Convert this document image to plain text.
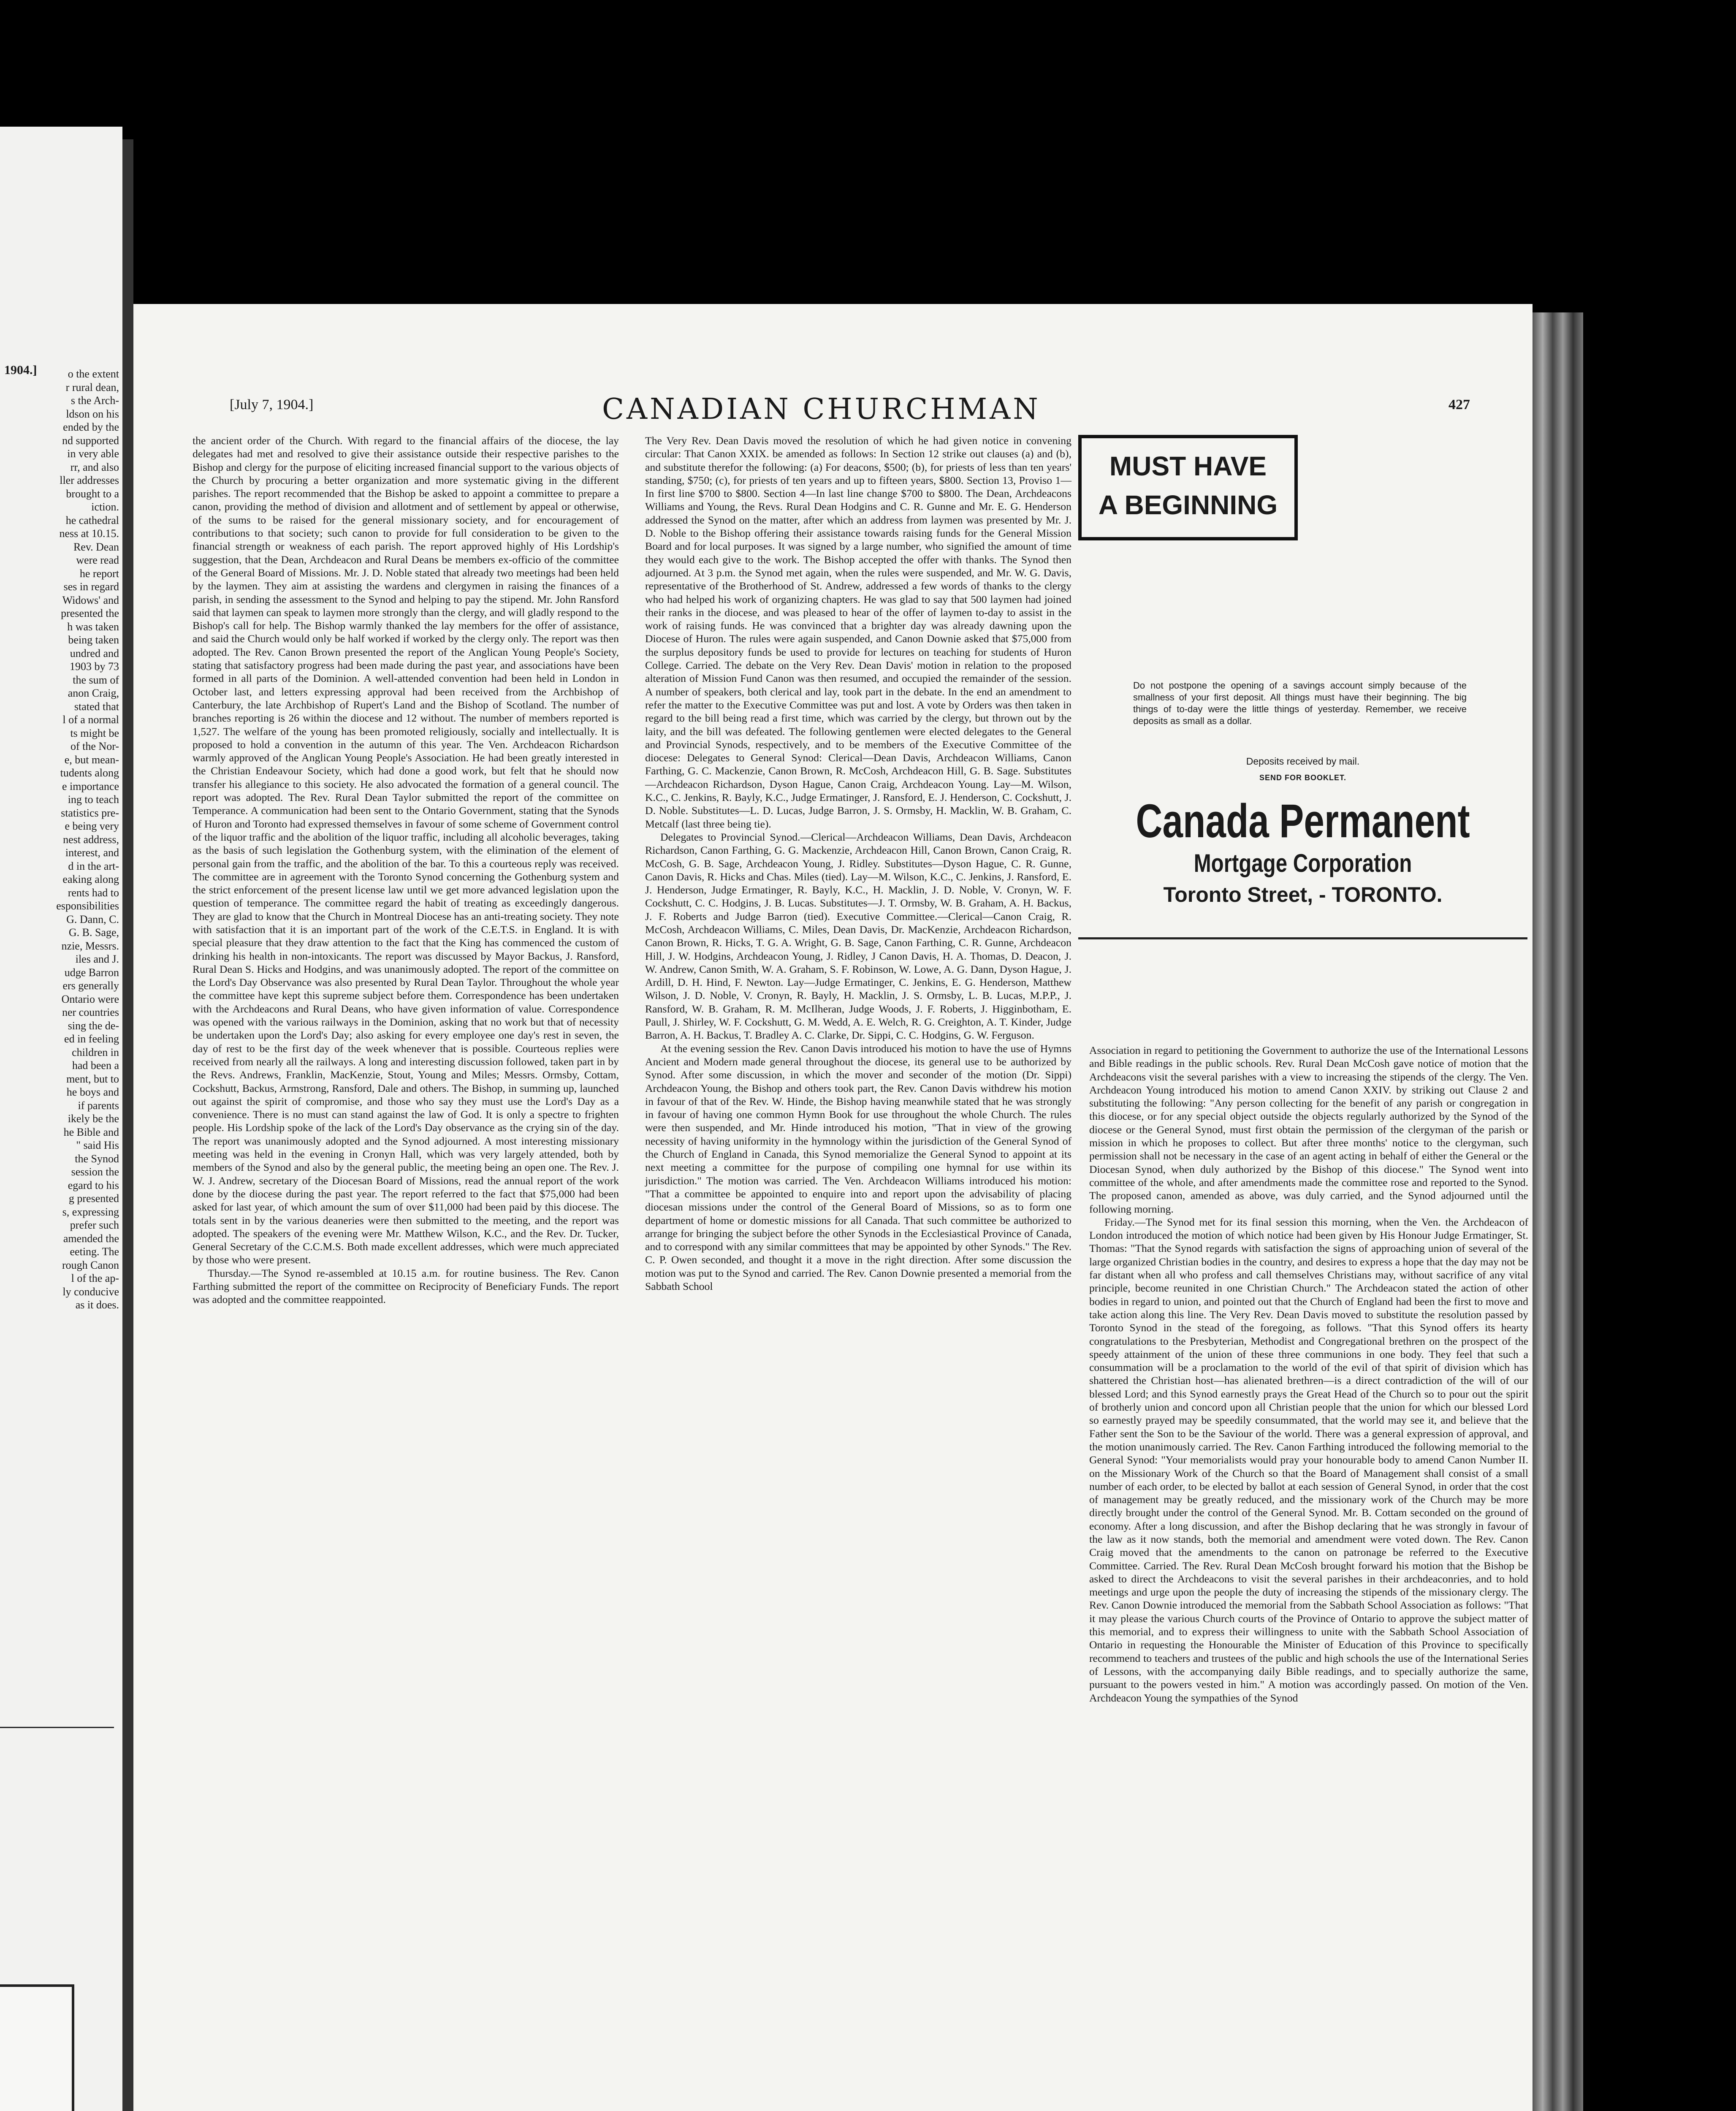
1904.]	o the extent
r rural dean,
s the Arch-
ldson on his
ended by the
nd supported
in very able
rr, and also
ller addresses
brought to a
iction.
he cathedral
ness at 10.15.
Rev. Dean
were read
he report
ses in regard
Widows' and
presented the
h was taken
being taken
undred and
1903 by 73
the sum of
anon Craig,
stated that
l of a normal
ts might be
of the Nor-
e, but mean-
tudents along
e importance
ing to teach
statistics pre-
e being very
nest address,
interest, and
d in the art-
eaking along
rents had to
esponsibilities
G. Dann, C.
G. B. Sage,
nzie, Messrs.
iles and J.
udge Barron
ers generally
Ontario were
ner countries
sing the de-
ed in feeling
children in
had been a
ment, but to
he boys and
if parents
ikely be the
he Bible and
" said His
the Synod
session the
egard to his
g presented
s, expressing
prefer such
amended the
eeting. The
rough Canon
l of the ap-
ly conducive
as it does.
[July 7, 1904.]	CANADIAN CHURCHMAN	427

the ancient order of the Church. With regard to the financial affairs of the diocese, the lay delegates had met and resolved to give their assistance outside their respective parishes to the Bishop and clergy for the purpose of eliciting increased financial support to the various objects of the Church by procuring a better organization and more systematic giving in the different parishes. The report recommended that the Bishop be asked to appoint a committee to prepare a canon, providing the method of division and allotment and of settlement by appeal or otherwise, of the sums to be raised for the general missionary society, and for encouragement of contributions to that society; such canon to provide for full consideration to be given to the financial strength or weakness of each parish. The report approved highly of His Lordship's suggestion, that the Dean, Archdeacon and Rural Deans be members ex-officio of the committee of the General Board of Missions. Mr. J. D. Noble stated that already two meetings had been held by the laymen. They aim at assisting the wardens and clergymen in raising the finances of a parish, in sending the assessment to the Synod and helping to pay the stipend. Mr. John Ransford said that laymen can speak to laymen more strongly than the clergy, and will gladly respond to the Bishop's call for help. The Bishop warmly thanked the lay members for the offer of assistance, and said the Church would only be half worked if worked by the clergy only. The report was then adopted. The Rev. Canon Brown presented the report of the Anglican Young People's Society, stating that satisfactory progress had been made during the past year, and associations have been formed in all parts of the Dominion. A well-attended convention had been held in London in October last, and letters expressing approval had been received from the Archbishop of Canterbury, the late Archbishop of Rupert's Land and the Bishop of Scotland. The number of branches reporting is 26 within the diocese and 12 without. The number of members reported is 1,527. The welfare of the young has been promoted religiously, socially and intellectually. It is proposed to hold a convention in the autumn of this year. The Ven. Archdeacon Richardson warmly approved of the Anglican Young People's Association. He had been greatly interested in the Christian Endeavour Society, which had done a good work, but felt that he should now transfer his allegiance to this society. He also advocated the formation of a general council. The report was adopted. The Rev. Rural Dean Taylor submitted the report of the committee on Temperance. A communication had been sent to the Ontario Government, stating that the Synods of Huron and Toronto had expressed themselves in favour of some scheme of Government control of the liquor traffic and the abolition of the liquor traffic, including all alcoholic beverages, taking as the basis of such legislation the Gothenburg system, with the elimination of the element of personal gain from the traffic, and the abolition of the bar. To this a courteous reply was received. The committee are in agreement with the Toronto Synod concerning the Gothenburg system and the strict enforcement of the present license law until we get more advanced legislation upon the question of temperance. The committee regard the habit of treating as exceedingly dangerous. They are glad to know that the Church in Montreal Diocese has an anti-treating society. They note with satisfaction that it is an important part of the work of the C.E.T.S. in England. It is with special pleasure that they draw attention to the fact that the King has commenced the custom of drinking his health in non-intoxicants. The report was discussed by Mayor Backus, J. Ransford, Rural Dean S. Hicks and Hodgins, and was unanimously adopted. The report of the committee on the Lord's Day Observance was also presented by Rural Dean Taylor. Throughout the whole year the committee have kept this supreme subject before them. Correspondence has been undertaken with the Archdeacons and Rural Deans, who have given information of value. Correspondence was opened with the various railways in the Dominion, asking that no work but that of necessity be undertaken upon the Lord's Day; also asking for every employee one day's rest in seven, the day of rest to be the first day of the week whenever that is possible. Courteous replies were received from nearly all the railways. A long and interesting discussion followed, taken part in by the Revs. Andrews, Franklin, MacKenzie, Stout, Young and Miles; Messrs. Ormsby, Cottam, Cockshutt, Backus, Armstrong, Ransford, Dale and others. The Bishop, in summing up, launched out against the spirit of compromise, and those who say they must use the Lord's Day as a convenience. There is no must can stand against the law of God. It is only a spectre to frighten people. His Lordship spoke of the lack of the Lord's Day observance as the crying sin of the day. The report was unanimously adopted and the Synod adjourned. A most interesting missionary meeting was held in the evening in Cronyn Hall, which was very largely attended, both by members of the Synod and also by the general public, the meeting being an open one. The Rev. J. W. J. Andrew, secretary of the Diocesan Board of Missions, read the annual report of the work done by the diocese during the past year. The report referred to the fact that $75,000 had been asked for last year, of which amount the sum of over $11,000 had been paid by this diocese. The totals sent in by the various deaneries were then submitted to the meeting, and the report was adopted. The speakers of the evening were Mr. Matthew Wilson, K.C., and the Rev. Dr. Tucker, General Secretary of the C.C.M.S. Both made excellent addresses, which were much appreciated by those who were present.

Thursday.—The Synod re-assembled at 10.15 a.m. for routine business. The Rev. Canon Farthing submitted the report of the committee on Reciprocity of Beneficiary Funds. The report was adopted and the committee reappointed.

The Very Rev. Dean Davis moved the resolution of which he had given notice in convening circular: That Canon XXIX. be amended as follows: In Section 12 strike out clauses (a) and (b), and substitute therefor the following: (a) For deacons, $500; (b), for priests of less than ten years' standing, $750; (c), for priests of ten years and up to fifteen years, $800. Section 13, Proviso 1—In first line $700 to $800. Section 4—In last line change $700 to $800. The Dean, Archdeacons Williams and Young, the Revs. Rural Dean Hodgins and C. R. Gunne and Mr. E. G. Henderson addressed the Synod on the matter, after which an address from laymen was presented by Mr. J. D. Noble to the Bishop offering their assistance towards raising funds for the General Mission Board and for local purposes. It was signed by a large number, who signified the amount of time they would each give to the work. The Bishop accepted the offer with thanks. The Synod then adjourned. At 3 p.m. the Synod met again, when the rules were suspended, and Mr. W. G. Davis, representative of the Brotherhood of St. Andrew, addressed a few words of thanks to the clergy who had helped his work of organizing chapters. He was glad to say that 500 laymen had joined their ranks in the diocese, and was pleased to hear of the offer of laymen to-day to assist in the work of raising funds. He was convinced that a brighter day was already dawning upon the Diocese of Huron. The rules were again suspended, and Canon Downie asked that $75,000 from the surplus depository funds be used to provide for lectures on teaching for students of Huron College. Carried. The debate on the Very Rev. Dean Davis' motion in relation to the proposed alteration of Mission Fund Canon was then resumed, and occupied the remainder of the session. A number of speakers, both clerical and lay, took part in the debate. In the end an amendment to refer the matter to the Executive Committee was put and lost. A vote by Orders was then taken in regard to the bill being read a first time, which was carried by the clergy, but thrown out by the laity, and the bill was defeated. The following gentlemen were elected delegates to the General and Provincial Synods, respectively, and to be members of the Executive Committee of the diocese: Delegates to General Synod: Clerical—Dean Davis, Archdeacon Williams, Canon Farthing, G. C. Mackenzie, Canon Brown, R. McCosh, Archdeacon Hill, G. B. Sage. Substitutes—Archdeacon Richardson, Dyson Hague, Canon Craig, Archdeacon Young. Lay—M. Wilson, K.C., C. Jenkins, R. Bayly, K.C., Judge Ermatinger, J. Ransford, E. J. Henderson, C. Cockshutt, J. D. Noble. Substitutes—L. D. Lucas, Judge Barron, J. S. Ormsby, H. Macklin, W. B. Graham, C. Metcalf (last three being tie).

Delegates to Provincial Synod.—Clerical—Archdeacon Williams, Dean Davis, Archdeacon Richardson, Canon Farthing, G. G. Mackenzie, Archdeacon Hill, Canon Brown, Canon Craig, R. McCosh, G. B. Sage, Archdeacon Young, J. Ridley. Substitutes—Dyson Hague, C. R. Gunne, Canon Davis, R. Hicks and Chas. Miles (tied). Lay—M. Wilson, K.C., C. Jenkins, J. Ransford, E. J. Henderson, Judge Ermatinger, R. Bayly, K.C., H. Macklin, J. D. Noble, V. Cronyn, W. F. Cockshutt, C. C. Hodgins, J. B. Lucas. Substitutes—J. T. Ormsby, W. B. Graham, A. H. Backus, J. F. Roberts and Judge Barron (tied). Executive Committee.—Clerical—Canon Craig, R. McCosh, Archdeacon Williams, C. Miles, Dean Davis, Dr. MacKenzie, Archdeacon Richardson, Canon Brown, R. Hicks, T. G. A. Wright, G. B. Sage, Canon Farthing, C. R. Gunne, Archdeacon Hill, J. W. Hodgins, Archdeacon Young, J. Ridley, J Canon Davis, H. A. Thomas, D. Deacon, J. W. Andrew, Canon Smith, W. A. Graham, S. F. Robinson, W. Lowe, A. G. Dann, Dyson Hague, J. Ardill, D. H. Hind, F. Newton. Lay—Judge Ermatinger, C. Jenkins, E. G. Henderson, Matthew Wilson, J. D. Noble, V. Cronyn, R. Bayly, H. Macklin, J. S. Ormsby, L. B. Lucas, M.P.P., J. Ransford, W. B. Graham, R. M. McIlheran, Judge Woods, J. F. Roberts, J. Higginbotham, E. Paull, J. Shirley, W. F. Cockshutt, G. M. Wedd, A. E. Welch, R. G. Creighton, A. T. Kinder, Judge Barron, A. H. Backus, T. Bradley A. C. Clarke, Dr. Sippi, C. C. Hodgins, G. W. Ferguson.

At the evening session the Rev. Canon Davis introduced his motion to have the use of Hymns Ancient and Modern made general throughout the diocese, its general use to be authorized by Synod. After some discussion, in which the mover and seconder of the motion (Dr. Sippi) Archdeacon Young, the Bishop and others took part, the Rev. Canon Davis withdrew his motion in favour of that of the Rev. W. Hinde, the Bishop having meanwhile stated that he was strongly in favour of having one common Hymn Book for use throughout the whole Church. The rules were then suspended, and Mr. Hinde introduced his motion, "That in view of the growing necessity of having uniformity in the hymnology within the jurisdiction of the General Synod of the Church of England in Canada, this Synod memorialize the General Synod to appoint at its next meeting a committee for the purpose of compiling one hymnal for use within its jurisdiction." The motion was carried. The Ven. Archdeacon Williams introduced his motion: "That a committee be appointed to enquire into and report upon the advisability of placing diocesan missions under the control of the General Board of Missions, so as to form one department of home or domestic missions for all Canada. That such committee be authorized to arrange for bringing the subject before the other Synods in the Ecclesiastical Province of Canada, and to correspond with any similar committees that may be appointed by other Synods." The Rev. C. P. Owen seconded, and thought it a move in the right direction. After some discussion the motion was put to the Synod and carried. The Rev. Canon Downie presented a memorial from the Sabbath School

MUST HAVE
A BEGINNING
Do not postpone the opening of a savings account simply because of the smallness of your first deposit. All things must have their beginning. The big things of to-day were the little things of yesterday. Remember, we receive deposits as small as a dollar.
Deposits received by mail.
SEND FOR BOOKLET.
Canada Permanent
Mortgage Corporation
Toronto Street, - TORONTO.

Association in regard to petitioning the Government to authorize the use of the International Lessons and Bible readings in the public schools. Rev. Rural Dean McCosh gave notice of motion that the Archdeacons visit the several parishes with a view to increasing the stipends of the clergy. The Ven. Archdeacon Young introduced his motion to amend Canon XXIV. by striking out Clause 2 and substituting the following: "Any person collecting for the benefit of any parish or congregation in this diocese, or for any special object outside the objects regularly authorized by the Synod of the diocese or the General Synod, must first obtain the permission of the clergyman of the parish or mission in which he proposes to collect. But after three months' notice to the clergyman, such permission shall not be necessary in the case of an agent acting in behalf of either the General or the Diocesan Synod, when duly authorized by the Bishop of this diocese." The Synod went into committee of the whole, and after amendments made the committee rose and reported to the Synod. The proposed canon, amended as above, was duly carried, and the Synod adjourned until the following morning.

Friday.—The Synod met for its final session this morning, when the Ven. the Archdeacon of London introduced the motion of which notice had been given by His Honour Judge Ermatinger, St. Thomas: "That the Synod regards with satisfaction the signs of approaching union of several of the large organized Christian bodies in the country, and desires to express a hope that the day may not be far distant when all who profess and call themselves Christians may, without sacrifice of any vital principle, become reunited in one Christian Church." The Archdeacon stated the action of other bodies in regard to union, and pointed out that the Church of England had been the first to move and take action along this line. The Very Rev. Dean Davis moved to substitute the resolution passed by Toronto Synod in the stead of the foregoing, as follows. "That this Synod offers its hearty congratulations to the Presbyterian, Methodist and Congregational brethren on the prospect of the speedy attainment of the union of these three communions in one body. They feel that such a consummation will be a proclamation to the world of the evil of that spirit of division which has shattered the Christian host—has alienated brethren—is a direct contradiction of the will of our blessed Lord; and this Synod earnestly prays the Great Head of the Church so to pour out the spirit of brotherly union and concord upon all Christian people that the union for which our blessed Lord so earnestly prayed may be speedily consummated, that the world may see it, and believe that the Father sent the Son to be the Saviour of the world. There was a general expression of approval, and the motion unanimously carried. The Rev. Canon Farthing introduced the following memorial to the General Synod: "Your memorialists would pray your honourable body to amend Canon Number II. on the Missionary Work of the Church so that the Board of Management shall consist of a small number of each order, to be elected by ballot at each session of General Synod, in order that the cost of management may be greatly reduced, and the missionary work of the Church may be more directly brought under the control of the General Synod. Mr. B. Cottam seconded on the ground of economy. After a long discussion, and after the Bishop declaring that he was strongly in favour of the law as it now stands, both the memorial and amendment were voted down. The Rev. Canon Craig moved that the amendments to the canon on patronage be referred to the Executive Committee. Carried. The Rev. Rural Dean McCosh brought forward his motion that the Bishop be asked to direct the Archdeacons to visit the several parishes in their archdeaconries, and to hold meetings and urge upon the people the duty of increasing the stipends of the missionary clergy. The Rev. Canon Downie introduced the memorial from the Sabbath School Association as follows: "That it may please the various Church courts of the Province of Ontario to approve the subject matter of this memorial, and to express their willingness to unite with the Sabbath School Association of Ontario in requesting the Honourable the Minister of Education of this Province to specifically recommend to teachers and trustees of the public and high schools the use of the International Series of Lessons, with the accompanying daily Bible readings, and to specially authorize the same, pursuant to the powers vested in him." A motion was accordingly passed. On motion of the Ven. Archdeacon Young the sympathies of the Synod
